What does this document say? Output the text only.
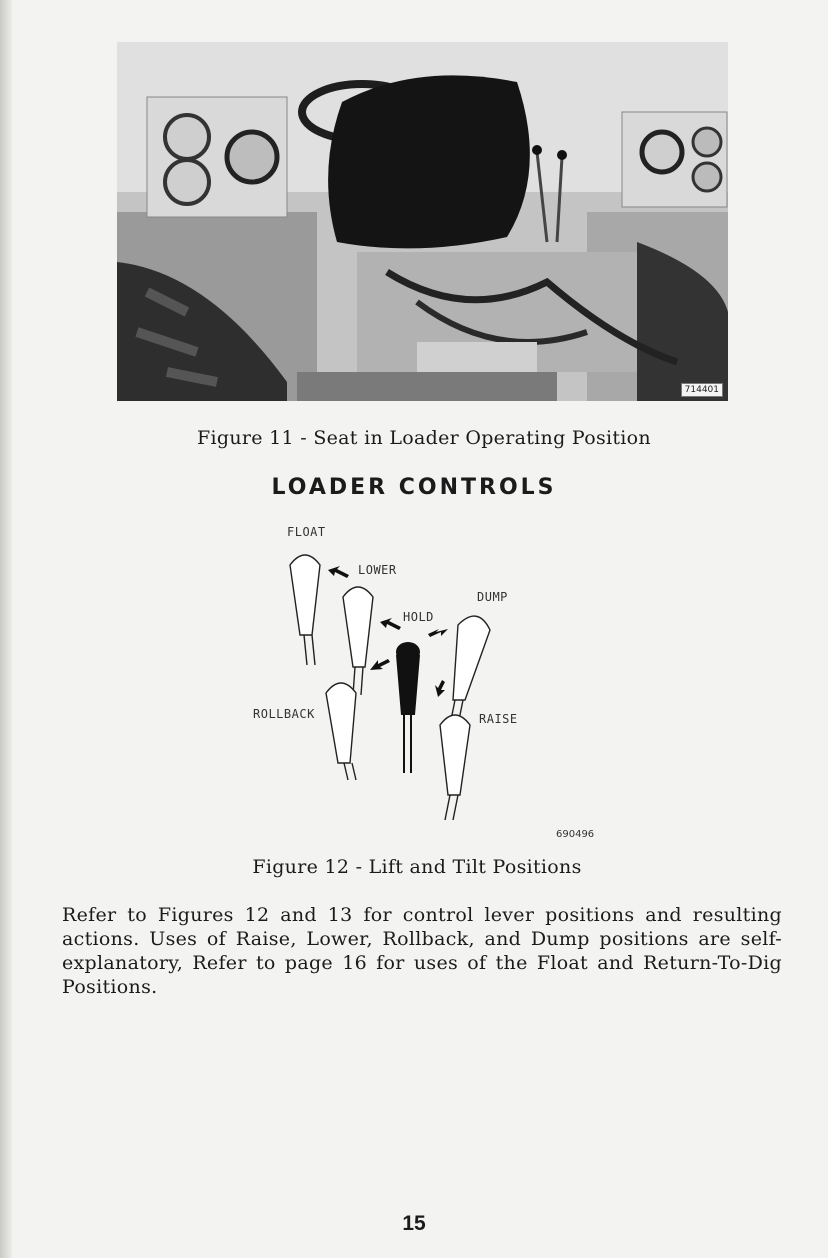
714401
Figure 11 - Seat in Loader Operating Position
LOADER CONTROLS
FLOAT
LOWER
DUMP
HOLD
ROLLBACK	RAISE
690496
Figure 12 - Lift and Tilt Positions

Refer to Figures 12 and 13 for control lever positions and resulting actions. Uses of Raise, Lower, Rollback, and Dump positions are self-explanatory, Refer to page 16 for uses of the Float and Return-To-Dig Positions.

15
